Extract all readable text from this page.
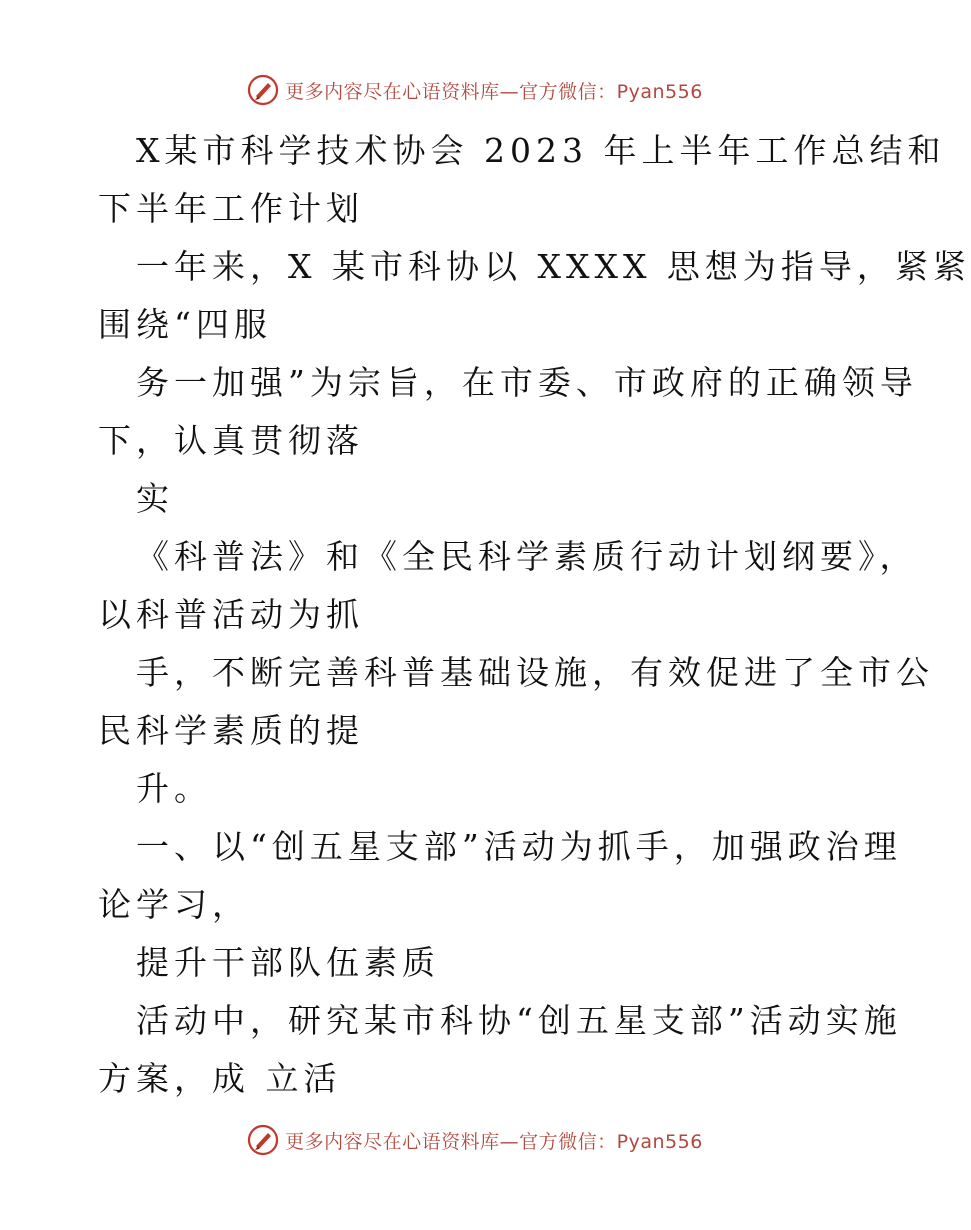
更多内容尽在心语资料库—官方微信：Pyan556
X某市科学技术协会 2023 年上半年工作总结和
下半年工作计划
一年来，X 某市科协以 XXXX 思想为指导，紧紧
围绕“四服
务一加强”为宗旨，在市委、市政府的正确领导
下，认真贯彻落
实
《科普法》和《全民科学素质行动计划纲要》，
以科普活动为抓
手，不断完善科普基础设施，有效促进了全市公
民科学素质的提
升。
一、以“创五星支部”活动为抓手，加强政治理
论学习，
提升干部队伍素质
活动中，研究某市科协“创五星支部”活动实施
方案，成 立活
更多内容尽在心语资料库—官方微信：Pyan556
